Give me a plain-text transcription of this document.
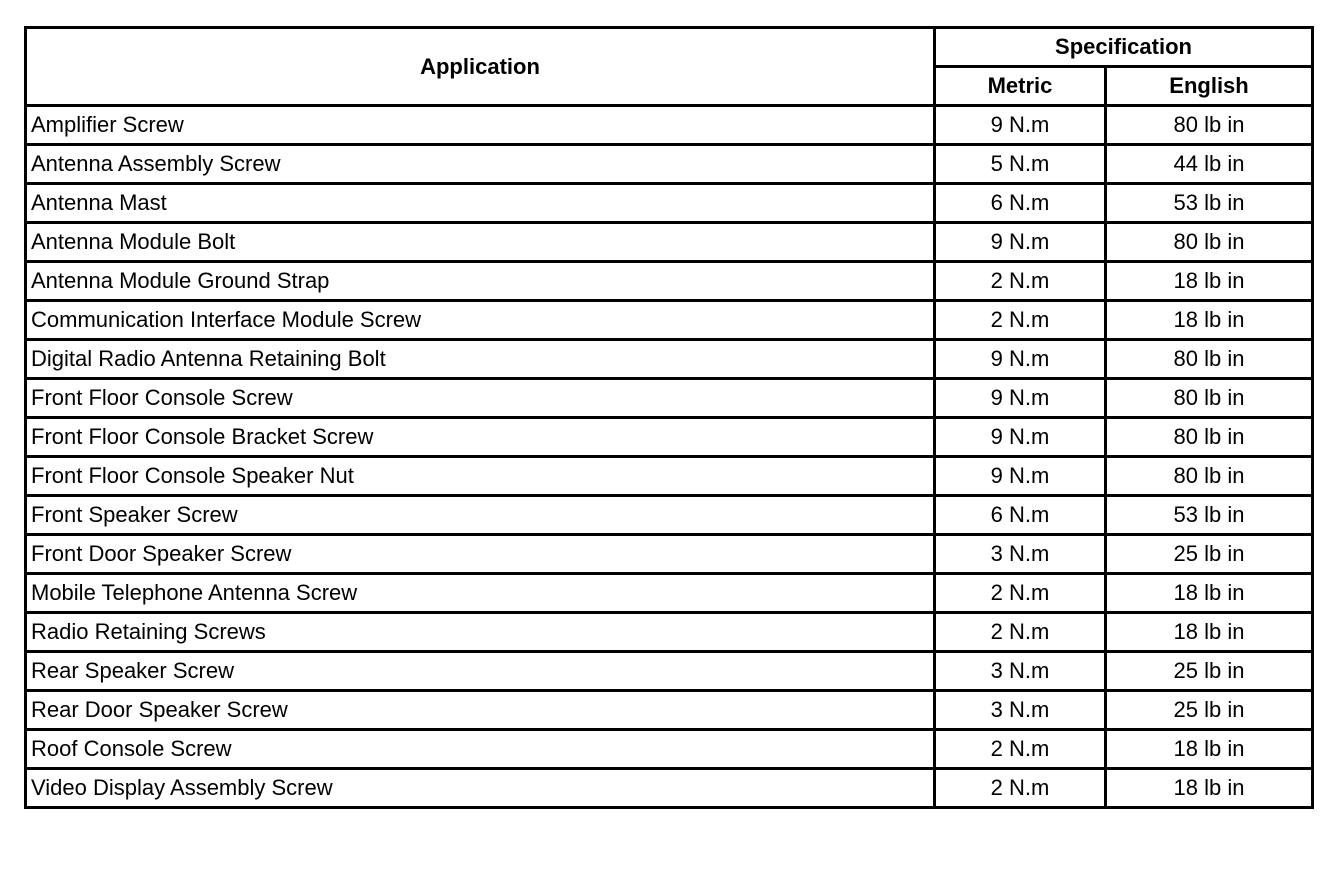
Application	Specification	
	Metric	English
Amplifier Screw	9 N.m	80 lb in
Antenna Assembly Screw	5 N.m	44 lb in
Antenna Mast	6 N.m	53 lb in
Antenna Module Bolt	9 N.m	80 lb in
Antenna Module Ground Strap	2 N.m	18 lb in
Communication Interface Module Screw	2 N.m	18 lb in
Digital Radio Antenna Retaining Bolt	9 N.m	80 lb in
Front Floor Console Screw	9 N.m	80 lb in
Front Floor Console Bracket Screw	9 N.m	80 lb in
Front Floor Console Speaker Nut	9 N.m	80 lb in
Front Speaker Screw	6 N.m	53 lb in
Front Door Speaker Screw	3 N.m	25 lb in
Mobile Telephone Antenna Screw	2 N.m	18 lb in
Radio Retaining Screws	2 N.m	18 lb in
Rear Speaker Screw	3 N.m	25 lb in
Rear Door Speaker Screw	3 N.m	25 lb in
Roof Console Screw	2 N.m	18 lb in
Video Display Assembly Screw	2 N.m	18 lb in
